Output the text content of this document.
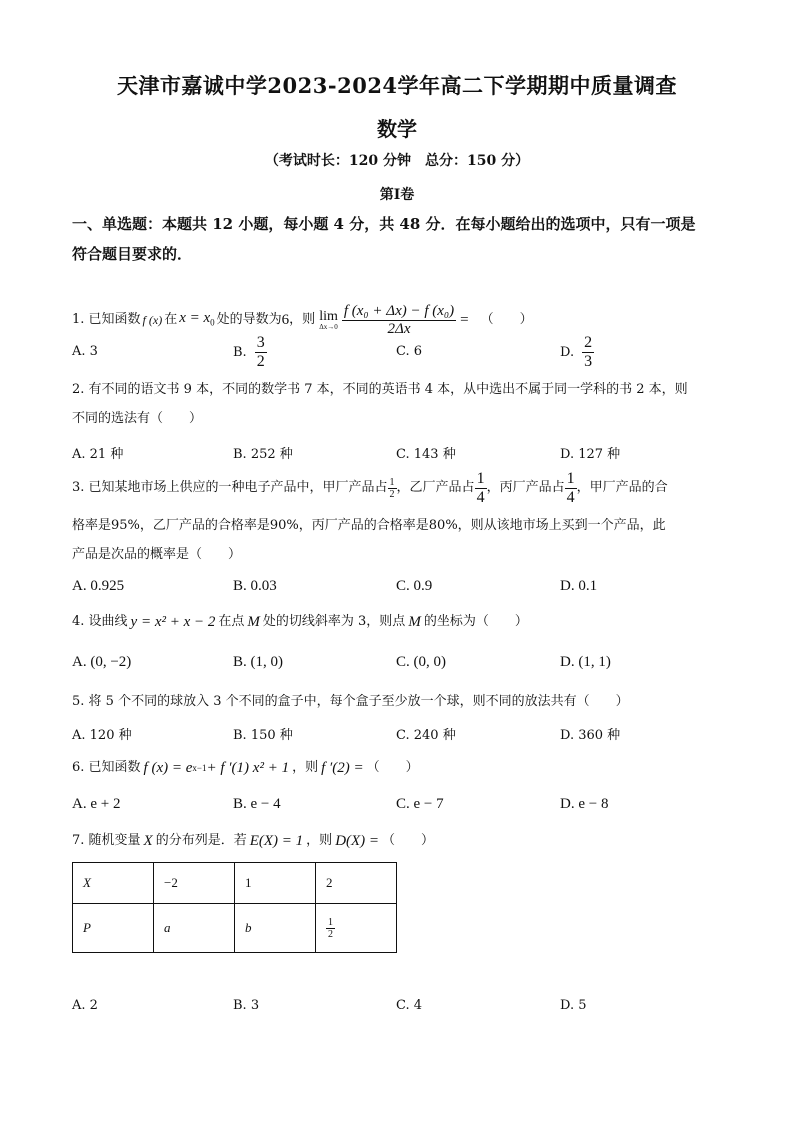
天津市嘉诚中学2023-2024学年高二下学期期中质量调查
数学
（考试时长：120 分钟　总分：150 分）
第Ⅰ卷
一、单选题：本题共 12 小题，每小题 4 分，共 48 分．在每小题给出的选项中，只有一项是
符合题目要求的．
1. 已知函数 f (x) 在 $x = x_0$ 处的导数为 6 ，则 lim
$\Delta x\to 0 \frac{\text{f (x₀ + Δx) − f (x₀)}}{2\Delta x}$ = （　　）
A. 3	B. $\frac{3}{2}$	C. 6	D. $\frac{2}{3}$
2. 有不同的语文书 9 本，不同的数学书 7 本，不同的英语书 4 本，从中选出不属于同一学科的书 2 本，则
不同的选法有（　　）
A. 21 种	B. 252 种	C. 143 种	D. 127 种
3. 已知某地市场上供应的一种电子产品中，甲厂产品占 $\frac{1}{2}$ ，乙厂产品占 $\frac{1}{4}$ ，丙厂产品占 $\frac{1}{4}$ ，甲厂产品的合
格率是95%，乙厂产品的合格率是90%，丙厂产品的合格率是80%，则从该地市场上买到一个产品，此
产品是次品的概率是（　　）
A. 0.925	B. 0.03	C. 0.9	D. 0.1
4. 设曲线 y = x² + x − 2 在点 M 处的切线斜率为 3，则点 M 的坐标为（　　）
A. (0, −2)	B. (1, 0)	C. (0, 0)	D. (1, 1)
5. 将 5 个不同的球放入 3 个不同的盒子中，每个盒子至少放一个球，则不同的放法共有（　　）
A. 120 种	B. 150 种	C. 240 种	D. 360 种
6. 已知函数 f (x) = e x−1 + f ′(1) x² + 1 ，则 f ′(2) = （　　）
A. e + 2	B. e − 4	C. e − 7	D. e − 8
7. 随机变量 X 的分布列是．若 E(X) = 1 ，则 D(X) = （　　）
X	−2	1	2
P	a	b	$\frac{1}{2}$
A. 2	B. 3	C. 4	D. 5
